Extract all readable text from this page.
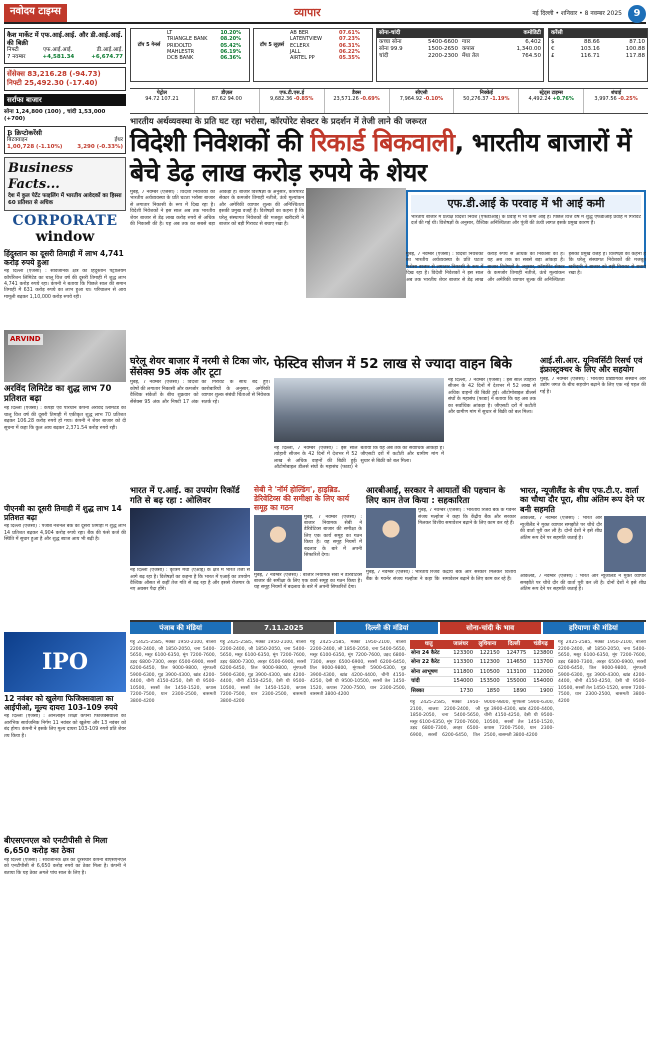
नवोदय टाइम्स	व्यापार	नई दिल्ली • शनिवार • 8 नवम्बर 2025	9
कैश मार्केट में एफ.आई.आई. और डी.आई.आई. की बिक्री
निफ्टी	एफ.आई.आई.	डी.आई.आई.
7 नवम्बर	+4,581.34	+6,674.77
सेंसेक्स 83,216.28 (-94.73)
निफ्टी 25,492.30 (-17.40)
सर्राफा बाजार
सोना 1,24,800 (100) , चांदी 1,53,000 (+700)
₿ क्रिप्टोकरेंसी
बिटक्वाइन	ईथर
1,00,728 (-1.10%)	3,290 (-0.33%)
Business Facts...
देश में कुल पेटेंट फाइलिंग में भारतीय आवेदकों का हिस्सा 60 प्रतिशत से अधिक
CORPORATE
window
हिंदुस्तान का दूसरी तिमाही में लाभ 4,741 करोड़ रुपये हुआ
नई दिल्ली (एजेंसी) : सार्वजनिक क्षेत्र की हिंदुस्तान पेट्रोलियम कॉर्पोरेशन लिमिटेड का चालू वित्त वर्ष की दूसरी तिमाही में शुद्ध लाभ 4,741 करोड़ रुपये रहा। कंपनी ने बताया कि पिछले साल की समान तिमाही में 631 करोड़ रुपये का लाभ हुआ था। परिचालन से आय मामूली बढ़कर 1,10,000 करोड़ रुपये रही।
ARVIND
अरविंद लिमिटेड का शुद्ध लाभ 70 प्रतिशत बढ़ा
नई दिल्ली (एजेंसी) : कपड़ा एवं परिधान कंपनी अरविंद लिमिटेड का चालू वित्त वर्ष की दूसरी तिमाही में एकीकृत शुद्ध लाभ 70 प्रतिशत बढ़कर 106.28 करोड़ रुपये हो गया। कंपनी ने शेयर बाजार को दी सूचना में कहा कि कुल आय बढ़कर 2,371.54 करोड़ रुपये रही।
पीएनबी का दूसरी तिमाही में शुद्ध लाभ 14 प्रतिशत बढ़ा
नई दिल्ली (एजेंसी) : पंजाब नेशनल बैंक का दूसरी तिमाही में शुद्ध लाभ 14 प्रतिशत बढ़कर 4,904 करोड़ रुपये रहा। बैंक की फंसे कर्ज की स्थिति में सुधार हुआ है और शुद्ध ब्याज आय भी बढ़ी है।
IPO
12 नवंबर को खुलेगा फिजिक्सवाला का आईपीओ, मूल्य दायरा 103-109 रुपये
नई दिल्ली (एजेंसी) : ऑनलाइन शिक्षा कंपनी फिजिक्सवाला का आरंभिक सार्वजनिक निर्गम 11 नवंबर को खुलेगा और 13 नवंबर को बंद होगा। कंपनी ने इसके लिए मूल्य दायरा 103-109 रुपये प्रति शेयर तय किया है।
बीएसएनएल को एनटीपीसी से मिला 6,650 करोड़ का ठेका
नई दिल्ली (एजेंसी) : सार्वजनिक क्षेत्र की दूरसंचार कंपनी बीएसएनएल को एनटीपीसी से 6,650 करोड़ रुपये का ठेका मिला है। कंपनी ने बताया कि यह ठेका अगले पांच साल के लिए है।
टॉप 5 गेनर्स	LT	10.20%
	TRIANGLE BANK	08.20%
	PRIDOLTD	05.42%
	MAHLESTR	06.19%
	DCB BANK	06.36%
टॉप 5 लूज़र्स	AB BER	07.61%
	LATENTVIEW	07.23%
	ECLERX	06.31%
	JALL	06.22%
	AIRTEL PP	05.35%
सोना-चांदी	कमोडिटी
कच्चा सोना	5400-6600
सोना 99.9	1500-2650
चांदी	2200-2300
ग्वार	6,402
कपास	1,340.00
मेंथा तेल	764.50
करेंसी
$	88.66	87.10
€	103.16	100.88
£	116.71	117.88
पेट्रोल
94.72 107.21
डीज़ल
87.62 94.00
एफ.टी.एस.ई
9,682.36 -0.85%
डैक्स
23,571.26 -0.69%
सीएसी
7,964.92 -0.10%
निक्केई
50,276.37 -1.19%
स्ट्रेट्स टाइम्स
4,492.24 +0.76%
शंघाई
3,997.56 -0.25%
भारतीय अर्थव्यवस्था के प्रति घट रहा भरोसा, कॉरपोरेट सेक्टर के प्रदर्शन में तेजी लाने की जरूरत
विदेशी निवेशकों की रिकार्ड बिकवाली, भारतीय बाजारों में बेचे डेढ़ लाख करोड़ रुपये के शेयर
मुंबई, 7 नवम्बर (एजेंसी) : विदेशी निवेशकों का भारतीय अर्थव्यवस्था के प्रति घटता भरोसा बाजार से लगातार निकासी के रूप में दिख रहा है। विदेशी निवेशकों ने इस साल अब तक भारतीय शेयर बाजार से डेढ़ लाख करोड़ रुपये से अधिक की निकासी की है। यह अब तक का सबसे बड़ा आंकड़ा है। बाजार विशेषज्ञों के अनुसार, कॉरपोरेट सेक्टर के कमजोर तिमाही नतीजे, ऊंचे मूल्यांकन और अमेरिकी व्यापार शुल्क की अनिश्चितता इसकी प्रमुख वजहें हैं। विशेषज्ञों का कहना है कि घरेलू संस्थागत निवेशकों की मजबूत खरीदारी ने बाजार को बड़ी गिरावट से बचाए रखा है।
एफ.डी.आई के परवाह में भी आई कमी
भारतीय बाजार में प्रत्यक्ष विदेशी निवेश (एफडीआई) के प्रवाह में भी कमी आई है। पिछले वित्त वर्ष में शुद्ध एफडीआई प्रवाह में गिरावट दर्ज की गई थी। विशेषज्ञों के अनुसार, वैश्विक अनिश्चितता और पूंजी की ऊंची लागत इसके प्रमुख कारण हैं।
मुंबई, 7 नवम्बर (एजेंसी) : विदेशी निवेशकों का भारतीय अर्थव्यवस्था के प्रति घटता भरोसा बाजार से लगातार निकासी के रूप में दिख रहा है। विदेशी निवेशकों ने इस साल अब तक भारतीय शेयर बाजार से डेढ़ लाख करोड़ रुपये से अधिक की निकासी की है। यह अब तक का सबसे बड़ा आंकड़ा है। बाजार विशेषज्ञों के अनुसार, कॉरपोरेट सेक्टर के कमजोर तिमाही नतीजे, ऊंचे मूल्यांकन और अमेरिकी व्यापार शुल्क की अनिश्चितता इसकी प्रमुख वजहें हैं। विशेषज्ञों का कहना है कि घरेलू संस्थागत निवेशकों की मजबूत खरीदारी ने बाजार को बड़ी गिरावट से बचाए रखा है।
घरेलू शेयर बाजार में नरमी से टिका जोर, सेंसेक्स 95 अंक और टूटा
मुंबई, 7 नवम्बर (एजेंसी) : विदेशी कोषों की लगातार निकासी और कमजोर वैश्विक संकेतों के बीच शुक्रवार को सेंसेक्स 95 अंक और निफ्टी 17 अंक की गिरावट के साथ बंद हुए। कारोबारियों के अनुसार, अमेरिकी व्यापार शुल्क संबंधी चिंताओं से निवेशक सतर्क रहे।
फेस्टिव सीजन में 52 लाख से ज्यादा वाहन बिके
नई दिल्ली, 7 नवम्बर (एजेंसी) : इस साल त्योहारी सीजन के 42 दिनों में देशभर में 52 लाख से अधिक वाहनों की बिक्री हुई। ऑटोमोबाइल डीलर्स संघों के महासंघ (फाडा) ने बताया कि यह अब तक का सर्वाधिक आंकड़ा है। जीएसटी दरों में कटौती और ग्रामीण मांग में सुधार से बिक्री को बल मिला।
नई दिल्ली, 7 नवम्बर (एजेंसी) : इस साल त्योहारी सीजन के 42 दिनों में देशभर में 52 लाख से अधिक वाहनों की बिक्री हुई। ऑटोमोबाइल डीलर्स संघों के महासंघ (फाडा) ने बताया कि यह अब तक का सर्वाधिक आंकड़ा है। जीएसटी दरों में कटौती और ग्रामीण मांग में सुधार से बिक्री को बल मिला।
आई.सी.आर. यूनिवर्सिटी रिसर्च एवं इंफ्रास्ट्रक्चर के लिए और सहयोग
मुंबई, 7 नवम्बर (एजेंसी) : भारतीय प्रौद्योगिकी संस्थान और उद्योग जगत के बीच सहयोग बढ़ाने के लिए एक नई पहल की गई है।
भारत में ए.आई. का उपयोग रिकॉर्ड गति से बढ़ रहा : ओलिवर
नई दिल्ली (एजेंसी) : कृत्रिम मेधा (एआई) के क्षेत्र में भारत तेजी से आगे बढ़ रहा है। विशेषज्ञों का कहना है कि भारत में एआई का उपयोग वैश्विक औसत से कहीं तेज गति से बढ़ रहा है और इससे रोजगार के नए अवसर पैदा होंगे।
सेबी ने 'नॉर्म होल्डिंग', हाइब्रिड. डेरिवेटिव्स की समीक्षा के लिए कार्य समूह का गठन
मुंबई, 7 नवम्बर (एजेंसी) : बाजार नियामक सेबी ने डेरिवेटिव्स बाजार की समीक्षा के लिए एक कार्य समूह का गठन किया है। यह समूह नियमों में बदलाव के बारे में अपनी सिफारिशें देगा।
मुंबई, 7 नवम्बर (एजेंसी) : बाजार नियामक सेबी ने डेरिवेटिव्स बाजार की समीक्षा के लिए एक कार्य समूह का गठन किया है। यह समूह नियमों में बदलाव के बारे में अपनी सिफारिशें देगा।
आरबीआई, सरकार ने आयातों की पहचान के लिए काम तेज किया : सहकारिता
मुंबई, 7 नवम्बर (एजेंसी) : भारतीय रिजर्व बैंक के गवर्नर संजय मल्होत्रा ने कहा कि केंद्रीय बैंक और सरकार मिलकर वित्तीय समावेशन बढ़ाने के लिए काम कर रहे हैं।
मुंबई, 7 नवम्बर (एजेंसी) : भारतीय रिजर्व बैंक के गवर्नर संजय मल्होत्रा ने कहा कि केंद्रीय बैंक और सरकार मिलकर वित्तीय समावेशन बढ़ाने के लिए काम कर रहे हैं।
भारत, न्यूजीलैंड के बीच एफ.टी.ए. वार्ता का चौथा दौर पूरा, शीघ्र अंतिम रूप देने पर बनी सहमति
ऑकलैंड, 7 नवम्बर (एजेंसी) : भारत और न्यूजीलैंड ने मुक्त व्यापार समझौते पर चौथे दौर की वार्ता पूरी कर ली है। दोनों देशों ने इसे शीघ्र अंतिम रूप देने पर सहमति जताई है।
ऑकलैंड, 7 नवम्बर (एजेंसी) : भारत और न्यूजीलैंड ने मुक्त व्यापार समझौते पर चौथे दौर की वार्ता पूरी कर ली है। दोनों देशों ने इसे शीघ्र अंतिम रूप देने पर सहमति जताई है।
पंजाब की मंडियां	7.11.2025	दिल्ली की मंडियां	सोना-चांदी के भाव	हरियाणा की मंडियां
गेहूं 2425-2585, मक्का 1950-2100, बाजरा 2200-2400, जौ 1850-2050, चना 5400-5650, मसूर 6100-6350, मूंग 7200-7600, उड़द 6800-7300, अरहर 6500-6900, सरसों 6200-6450, तिल 9000-9800, मूंगफली 5900-6300, गुड़ 3900-4300, खांड 4200-4400, चीनी 4150-4250, देसी घी 9500-10500, सरसों तेल 1450-1520, कपास 7200-7500, धान 2300-2500, बासमती 3800-4200
गेहूं 2425-2585, मक्का 1950-2100, बाजरा 2200-2400, जौ 1850-2050, चना 5400-5650, मसूर 6100-6350, मूंग 7200-7600, उड़द 6800-7300, अरहर 6500-6900, सरसों 6200-6450, तिल 9000-9800, मूंगफली 5900-6300, गुड़ 3900-4300, खांड 4200-4400, चीनी 4150-4250, देसी घी 9500-10500, सरसों तेल 1450-1520, कपास 7200-7500, धान 2300-2500, बासमती 3800-4200
गेहूं 2425-2585, मक्का 1950-2100, बाजरा 2200-2400, जौ 1850-2050, चना 5400-5650, मसूर 6100-6350, मूंग 7200-7600, उड़द 6800-7300, अरहर 6500-6900, सरसों 6200-6450, तिल 9000-9800, मूंगफली 5900-6300, गुड़ 3900-4300, खांड 4200-4400, चीनी 4150-4250, देसी घी 9500-10500, सरसों तेल 1450-1520, कपास 7200-7500, धान 2300-2500, बासमती 3800-4200
धातु	जालंधर	लुधियाना	दिल्ली	चंडीगढ़
सोना 24 कैरेट	123300	122150	124775	123800
सोना 22 कैरेट	113300	112300	114650	113700
सोना आभूषण	111800	110500	113100	112000
चांदी	154000	153500	155000	154000
सिक्का	1730	1850	1890	1900
गेहूं 2425-2585, मक्का 1950-2100, बाजरा 2200-2400, जौ 1850-2050, चना 5400-5650, मसूर 6100-6350, मूंग 7200-7600, उड़द 6800-7300, अरहर 6500-6900, सरसों 6200-6450, तिल 9000-9800, मूंगफली 5900-6300, गुड़ 3900-4300, खांड 4200-4400, चीनी 4150-4250, देसी घी 9500-10500, सरसों तेल 1450-1520, कपास 7200-7500, धान 2300-2500, बासमती 3800-4200
गेहूं 2425-2585, मक्का 1950-2100, बाजरा 2200-2400, जौ 1850-2050, चना 5400-5650, मसूर 6100-6350, मूंग 7200-7600, उड़द 6800-7300, अरहर 6500-6900, सरसों 6200-6450, तिल 9000-9800, मूंगफली 5900-6300, गुड़ 3900-4300, खांड 4200-4400, चीनी 4150-4250, देसी घी 9500-10500, सरसों तेल 1450-1520, कपास 7200-7500, धान 2300-2500, बासमती 3800-4200
